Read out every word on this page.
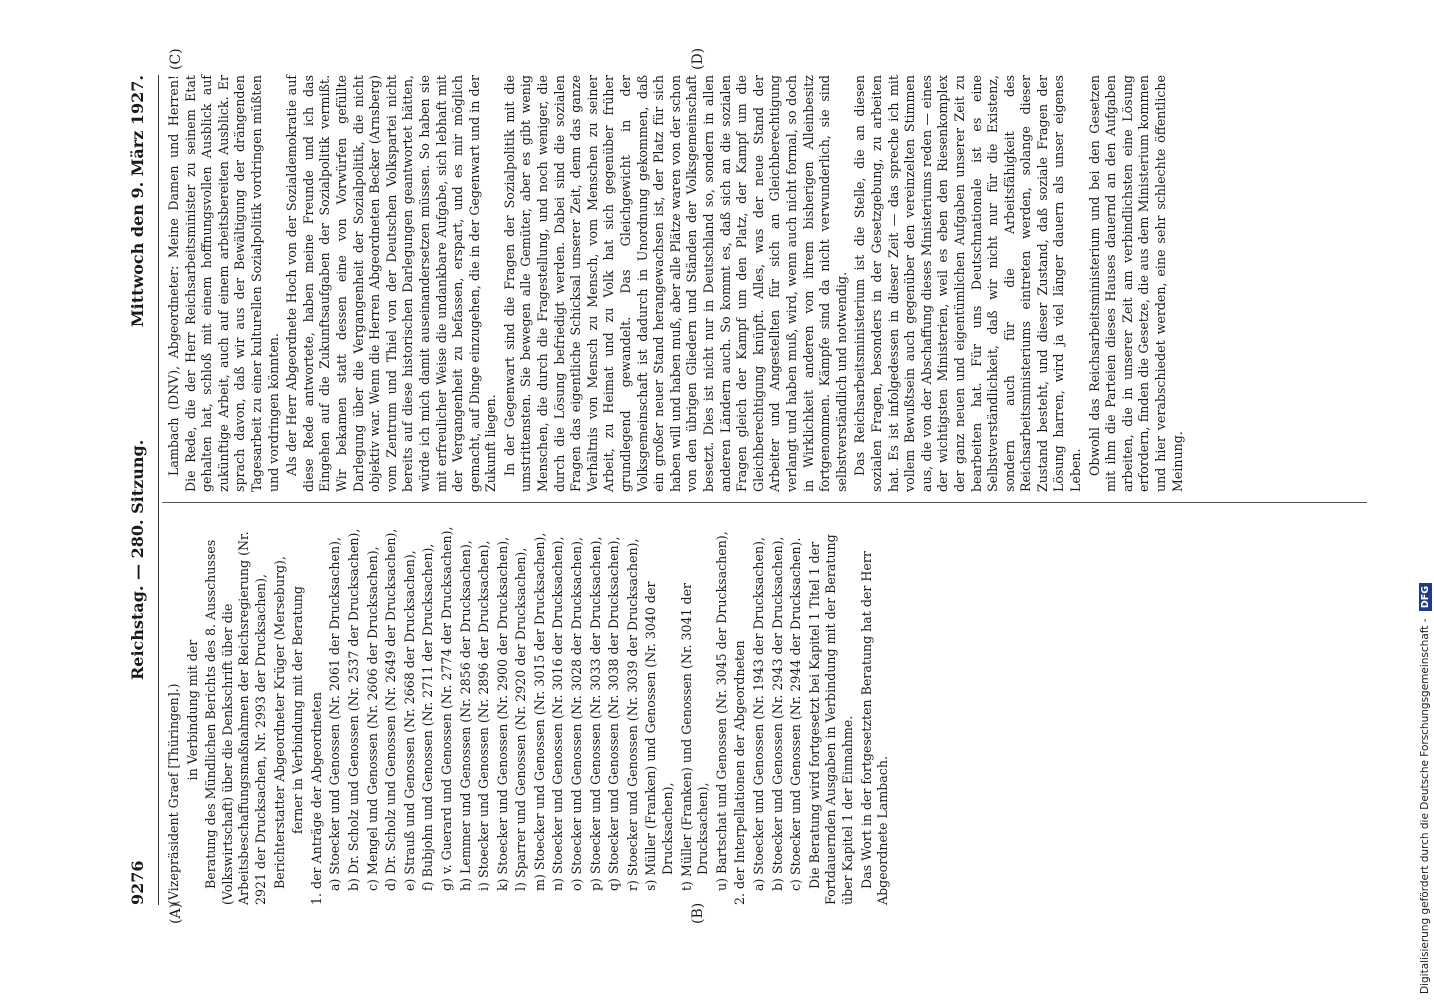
9276
Reichstag. — 280. Sitzung.
Mittwoch den 9. März 1927.
(A)	(B)
(C)	(D)

(Vizepräsident Graef [Thüringen].) in Verbindung mit der Beratung des Mündlichen Berichts des 8. Ausschusses (Volkswirtschaft) über die Denkschrift über die Arbeitsbeschaffungsmaßnahmen der Reichsregierung (Nr. 2921 der Drucksachen, Nr. 2993 der Drucksachen), Berichterstatter Abgeordneter Krüger (Merseburg), ferner in Verbindung mit der Beratung 1. der Anträge der Abgeordneten a) Stoecker und Genossen (Nr. 2061 der Drucksachen), b) Dr. Scholz und Genossen (Nr. 2537 der Drucksachen), c) Mengel und Genossen (Nr. 2606 der Drucksachen), d) Dr. Scholz und Genossen (Nr. 2649 der Drucksachen), e) Strauß und Genossen (Nr. 2668 der Drucksachen), f) Bubjohn und Genossen (Nr. 2711 der Drucksachen), g) v. Guerard und Genossen (Nr. 2774 der Drucksachen), h) Lemmer und Genossen (Nr. 2856 der Drucksachen), i) Stoecker und Genossen (Nr. 2896 der Drucksachen), k) Stoecker und Genossen (Nr. 2900 der Drucksachen), l) Sparrer und Genossen (Nr. 2920 der Drucksachen), m) Stoecker und Genossen (Nr. 3015 der Drucksachen), n) Stoecker und Genossen (Nr. 3016 der Drucksachen), o) Stoecker und Genossen (Nr. 3028 der Drucksachen), p) Stoecker und Genossen (Nr. 3033 der Drucksachen), q) Stoecker und Genossen (Nr. 3038 der Drucksachen), r) Stoecker und Genossen (Nr. 3039 der Drucksachen), s) Müller (Franken) und Genossen (Nr. 3040 der Drucksachen), t) Müller (Franken) und Genossen (Nr. 3041 der Drucksachen), u) Bartschat und Genossen (Nr. 3045 der Drucksachen), 2. der Interpellationen der Abgeordneten a) Stoecker und Genossen (Nr. 1943 der Drucksachen), b) Stoecker und Genossen (Nr. 2943 der Drucksachen), c) Stoecker und Genossen (Nr. 2944 der Drucksachen). Die Beratung wird fortgesetzt bei Kapitel 1 Titel 1 der Fortdauernden Ausgaben in Verbindung mit der Beratung über Kapitel 1 der Einnahme. Das Wort in der fortgesetzten Beratung hat der Herr Abgeordnete Lambach.

Lambach (DNV), Abgeordneter: Meine Damen und Herren! Die Rede, die der Herr Reichsarbeitsminister zu seinem Etat gehalten hat, schloß mit einem hoffnungsvollen Ausblick auf zukünftige Arbeit, auch auf einem arbeitsbereiten Ausblick. Er sprach davon, daß wir aus der Bewältigung der drängenden Tagesarbeit zu einer kulturellen Sozialpolitik vordringen müßten und vordringen könnten. Als der Herr Abgeordnete Hoch von der Sozialdemokratie auf diese Rede antwortete, haben meine Freunde und ich das Eingehen auf die Zukunftsaufgaben der Sozialpolitik vermißt. Wir bekamen statt dessen eine von Vorwürfen gefüllte Darlegung über die Vergangenheit der Sozialpolitik, die nicht objektiv war. Wenn die Herren Abgeordneten Becker (Arnsberg) vom Zentrum und Thiel von der Deutschen Volkspartei nicht bereits auf diese historischen Darlegungen geantwortet hätten, würde ich mich damit auseinandersetzen müssen. So haben sie mit erfreulicher Weise die undankbare Aufgabe, sich lebhaft mit der Vergangenheit zu befassen, erspart, und es mir möglich gemacht, auf Dinge einzugehen, die in der Gegenwart und in der Zukunft liegen. In der Gegenwart sind die Fragen der Sozialpolitik mit die umstrittensten. Sie bewegen alle Gemüter, aber es gibt wenig Menschen, die durch die Fragestellung, und noch weniger, die durch die Lösung befriedigt werden. Dabei sind die sozialen Fragen das eigentliche Schicksal unserer Zeit, denn das ganze Verhältnis von Mensch zu Mensch, vom Menschen zu seiner Arbeit, zu Heimat und zu Volk hat sich gegenüber früher grundlegend gewandelt. Das Gleichgewicht in der Volksgemeinschaft ist dadurch in Unordnung gekommen, daß ein großer neuer Stand herangewachsen ist, der Platz für sich haben will und haben muß, aber alle Plätze waren von der schon von den übrigen Gliedern und Ständen der Volksgemeinschaft besetzt. Dies ist nicht nur in Deutschland so, sondern in allen anderen Ländern auch. So kommt es, daß sich an die sozialen Fragen gleich der Kampf um den Platz, der Kampf um die Gleichberechtigung knüpft. Alles, was der neue Stand der Arbeiter und Angestellten für sich an Gleichberechtigung verlangt und haben muß, wird, wenn auch nicht formal, so doch in Wirklichkeit anderen von ihrem bisherigen Alleinbesitz fortgenommen. Kämpfe sind da nicht verwunderlich, sie sind selbstverständlich und notwendig. Das Reichsarbeitsministerium ist die Stelle, die an diesen sozialen Fragen, besonders in der Gesetzgebung, zu arbeiten hat. Es ist infolgedessen in dieser Zeit — das spreche ich mit vollem Bewußtsein auch gegenüber den vereinzelten Stimmen aus, die von der Abschaffung dieses Ministeriums reden — eines der wichtigsten Ministerien, weil es eben den Riesenkomplex der ganz neuen und eigentümlichen Aufgaben unserer Zeit zu bearbeiten hat. Für uns Deutschnationale ist es eine Selbstverständlichkeit, daß wir nicht nur für die Existenz, sondern auch für die Arbeitsfähigkeit des Reichsarbeitsministeriums eintreten werden, solange dieser Zustand besteht, und dieser Zustand, daß soziale Fragen der Lösung harren, wird ja viel länger dauern als unser eigenes Leben. Obwohl das Reichsarbeitsministerium und bei den Gesetzen mit ihm die Parteien dieses Hauses dauernd an den Aufgaben arbeiten, die in unserer Zeit am verbindlichsten eine Lösung erfordern, finden die Gesetze, die aus dem Ministerium kommen und hier verabschiedet werden, eine sehr schlechte öffentliche Meinung.

Digitalisierung gefördert durch die Deutsche Forschungsgemeinschaft - DFG
